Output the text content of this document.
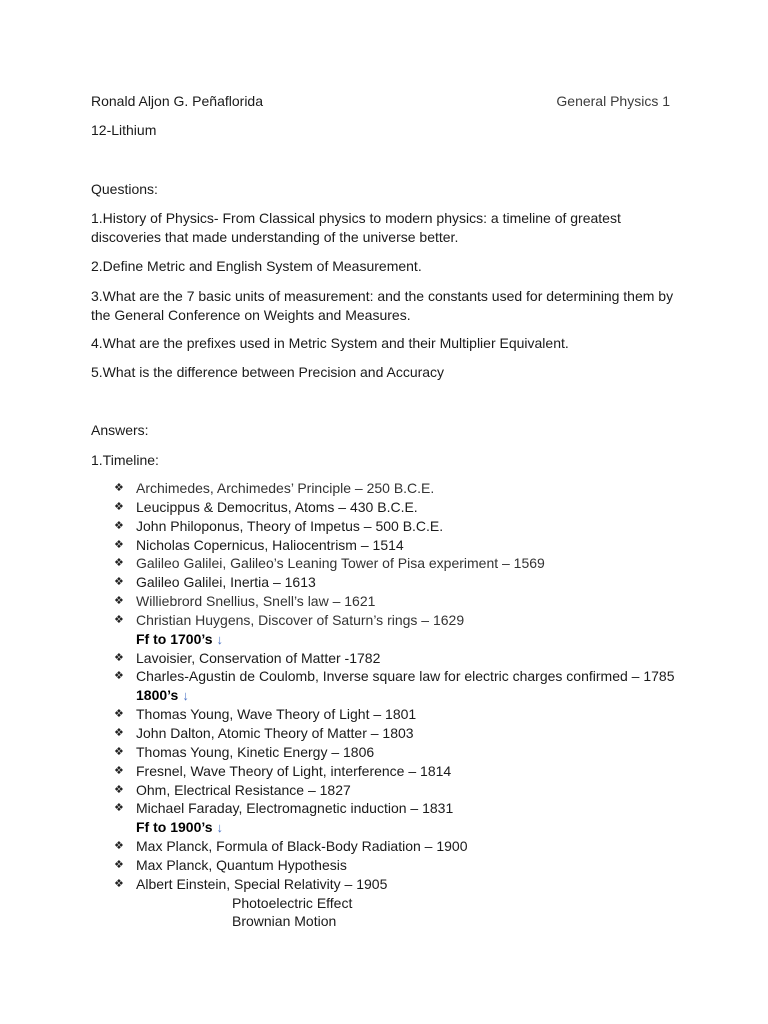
Ronald Aljon G. Peñaflorida	General Physics 1
12-Lithium
Questions:
1.History of Physics- From Classical physics to modern physics: a timeline of greatest discoveries that made understanding of the universe better.
2.Define Metric and English System of Measurement.
3.What are the 7 basic units of measurement: and the constants used for determining them by the General Conference on Weights and Measures.
4.What are the prefixes used in Metric System and their Multiplier Equivalent.
5.What is the difference between Precision and Accuracy
Answers:
1.Timeline:
❖ Archimedes, Archimedes’ Principle – 250 B.C.E.
❖ Leucippus & Democritus, Atoms – 430 B.C.E.
❖ John Philoponus, Theory of Impetus – 500 B.C.E.
❖ Nicholas Copernicus, Haliocentrism – 1514
❖ Galileo Galilei, Galileo’s Leaning Tower of Pisa experiment – 1569
❖ Galileo Galilei, Inertia – 1613
❖ Williebrord Snellius, Snell’s law – 1621
❖ Christian Huygens, Discover of Saturn’s rings – 1629
Ff to 1700’s ↓
❖ Lavoisier, Conservation of Matter -1782
❖ Charles-Agustin de Coulomb, Inverse square law for electric charges confirmed – 1785
1800’s ↓
❖ Thomas Young, Wave Theory of Light – 1801
❖ John Dalton, Atomic Theory of Matter – 1803
❖ Thomas Young, Kinetic Energy – 1806
❖ Fresnel, Wave Theory of Light, interference – 1814
❖ Ohm, Electrical Resistance – 1827
❖ Michael Faraday, Electromagnetic induction – 1831
Ff to 1900’s ↓
❖ Max Planck, Formula of Black-Body Radiation – 1900
❖ Max Planck, Quantum Hypothesis
❖ Albert Einstein, Special Relativity – 1905
Photoelectric Effect
Brownian Motion
